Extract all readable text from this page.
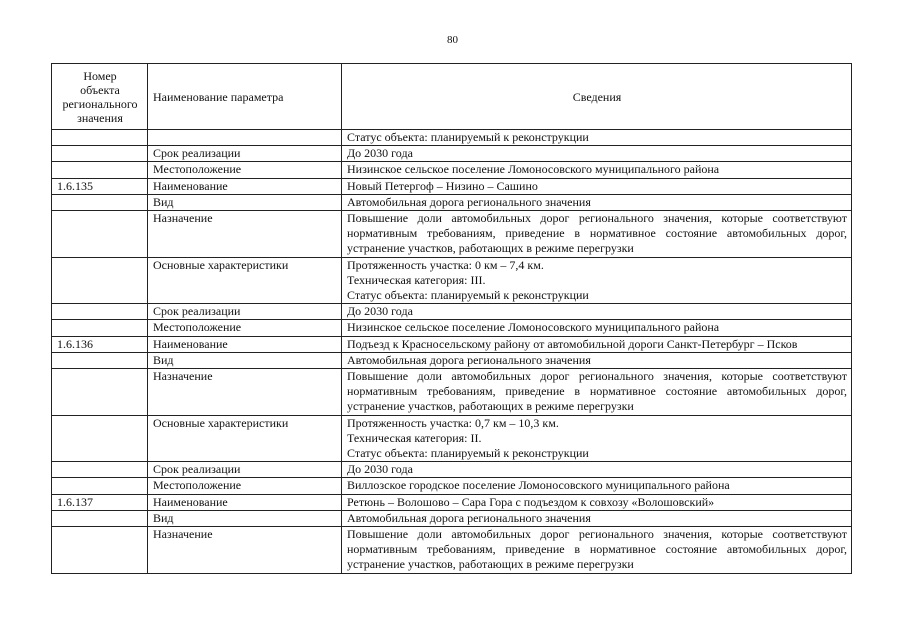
80
Номер
объекта
регионального
значения	Наименование параметра	Сведения

		Статус объекта: планируемый к реконструкции

	Срок реализации	До 2030 года

	Местоположение	Низинское сельское поселение Ломоносовского муниципального района

1.6.135	Наименование	Новый Петергоф – Низино – Сашино

	Вид	Автомобильная дорога регионального значения

	Назначение	Повышение доли автомобильных дорог регионального значения, которые соответствуют нормативным требованиям, приведение в нормативное состояние автомобильных дорог, устранение участков, работающих в режиме перегрузки

	Основные характеристики	Протяженность участка: 0 км – 7,4 км.
Техническая категория: III.
Статус объекта: планируемый к реконструкции

	Срок реализации	До 2030 года

	Местоположение	Низинское сельское поселение Ломоносовского муниципального района

1.6.136	Наименование	Подъезд к Красносельскому району от автомобильной дороги Санкт-Петербург – Псков

	Вид	Автомобильная дорога регионального значения

	Назначение	Повышение доли автомобильных дорог регионального значения, которые соответствуют нормативным требованиям, приведение в нормативное состояние автомобильных дорог, устранение участков, работающих в режиме перегрузки

	Основные характеристики	Протяженность участка: 0,7 км – 10,3 км.
Техническая категория: II.
Статус объекта: планируемый к реконструкции

	Срок реализации	До 2030 года

	Местоположение	Виллозское городское поселение Ломоносовского муниципального района

1.6.137	Наименование	Ретюнь – Волошово – Сара Гора с подъездом к совхозу «Волошовский»

	Вид	Автомобильная дорога регионального значения

	Назначение	Повышение доли автомобильных дорог регионального значения, которые соответствуют нормативным требованиям, приведение в нормативное состояние автомобильных дорог, устранение участков, работающих в режиме перегрузки
